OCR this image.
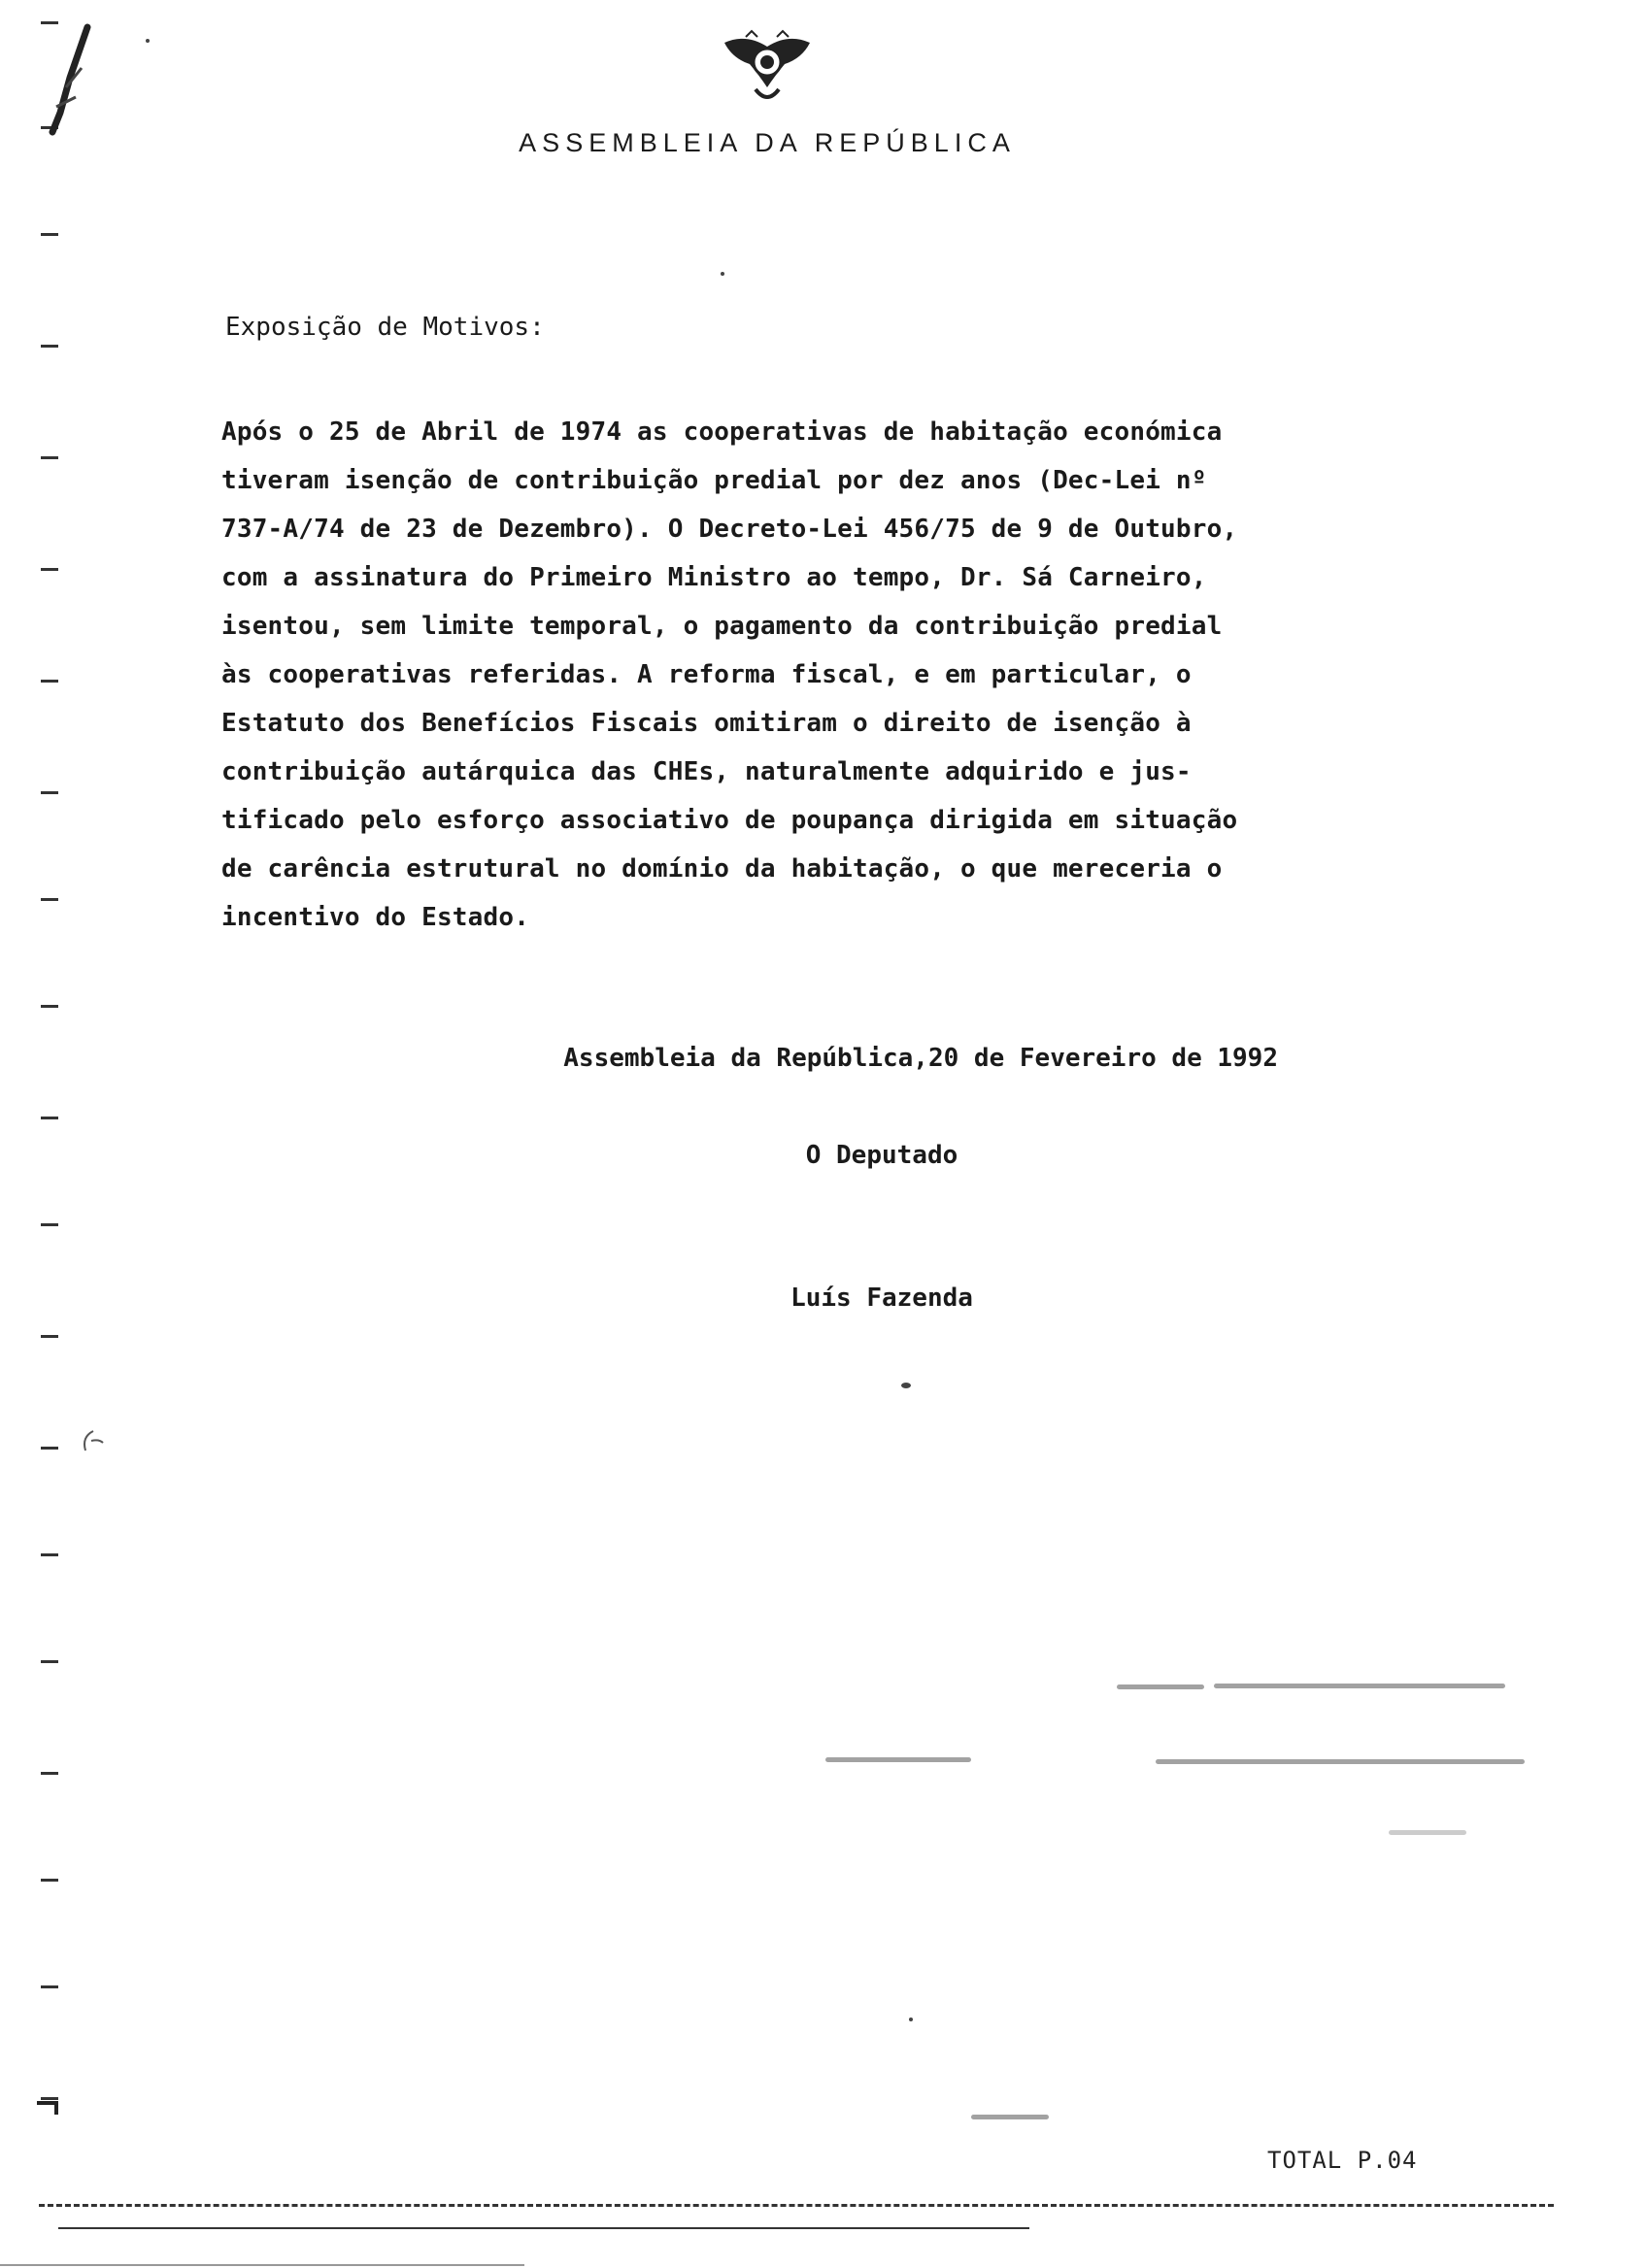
ASSEMBLEIA DA REPÚBLICA
Exposição de Motivos:
Após o 25 de Abril de 1974 as cooperativas de habitação económica
tiveram isenção de contribuição predial por dez anos (Dec-Lei nº
737-A/74 de 23 de Dezembro). O Decreto-Lei 456/75 de 9 de Outubro,
com a assinatura do Primeiro Ministro ao tempo, Dr. Sá Carneiro,
isentou, sem limite temporal, o pagamento da contribuição predial
às cooperativas referidas. A reforma fiscal, e em particular, o
Estatuto dos Benefícios Fiscais omitiram o direito de isenção à
contribuição autárquica das CHEs, naturalmente adquirido e jus-
tificado pelo esforço associativo de poupança dirigida em situação
de carência estrutural no domínio da habitação, o que mereceria o
incentivo do Estado.
Assembleia da República,20 de Fevereiro de 1992
O Deputado
Luís Fazenda
TOTAL P.04
